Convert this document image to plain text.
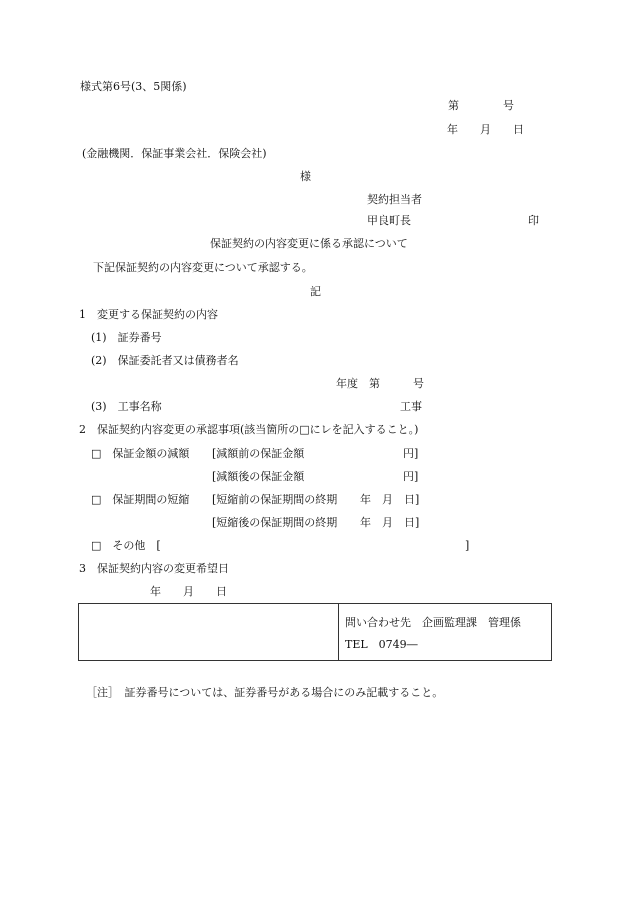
様式第6号(3、5関係)
第　　　　号
年　　月　　日
(金融機関．保証事業会社．保険会社)
様
契約担当者
甲良町長	印
保証契約の内容変更に係る承認について
下記保証契約の内容変更について承認する。
記
1　変更する保証契約の内容
(1)　証券番号
(2)　保証委託者又は債務者名
年度　第　　　号
(3)　工事名称	工事
2　保証契約内容変更の承認事項(該当箇所の□にレを記入すること。)
□　保証金額の減額 [減額前の保証金額	円]
[減額後の保証金額	円]
□　保証期間の短縮 [短縮前の保証期間の終期 年　月　日]
[短縮後の保証期間の終期 年　月　日]
□　その他　[	]
3　保証契約内容の変更希望日
年　　月　　日
問い合わせ先　企画監理課　管理係
TEL　0749―
［注］　証券番号については、証券番号がある場合にのみ記載すること。
